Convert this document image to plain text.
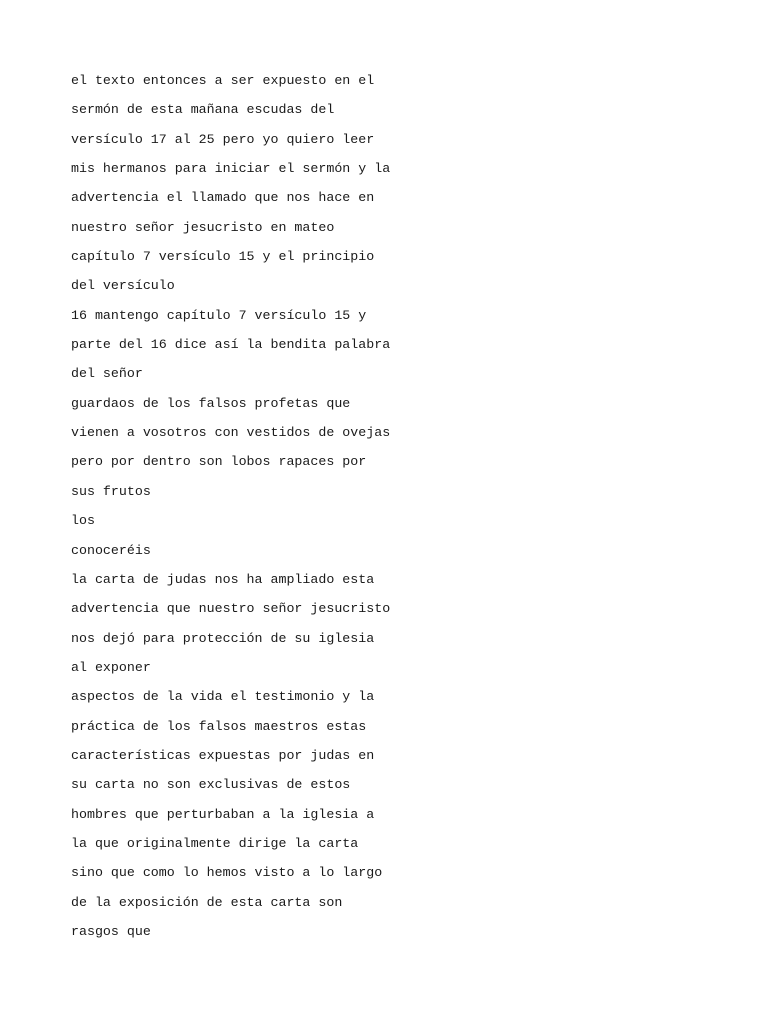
el texto entonces a ser expuesto en el
sermón de esta mañana escudas del
versículo 17 al 25 pero yo quiero leer
mis hermanos para iniciar el sermón y la
advertencia el llamado que nos hace en
nuestro señor jesucristo en mateo
capítulo 7 versículo 15 y el principio
del versículo
16 mantengo capítulo 7 versículo 15 y
parte del 16 dice así la bendita palabra
del señor
guardaos de los falsos profetas que
vienen a vosotros con vestidos de ovejas
pero por dentro son lobos rapaces por
sus frutos
los
conoceréis
la carta de judas nos ha ampliado esta
advertencia que nuestro señor jesucristo
nos dejó para protección de su iglesia
al exponer
aspectos de la vida el testimonio y la
práctica de los falsos maestros estas
características expuestas por judas en
su carta no son exclusivas de estos
hombres que perturbaban a la iglesia a
la que originalmente dirige la carta
sino que como lo hemos visto a lo largo
de la exposición de esta carta son
rasgos que
